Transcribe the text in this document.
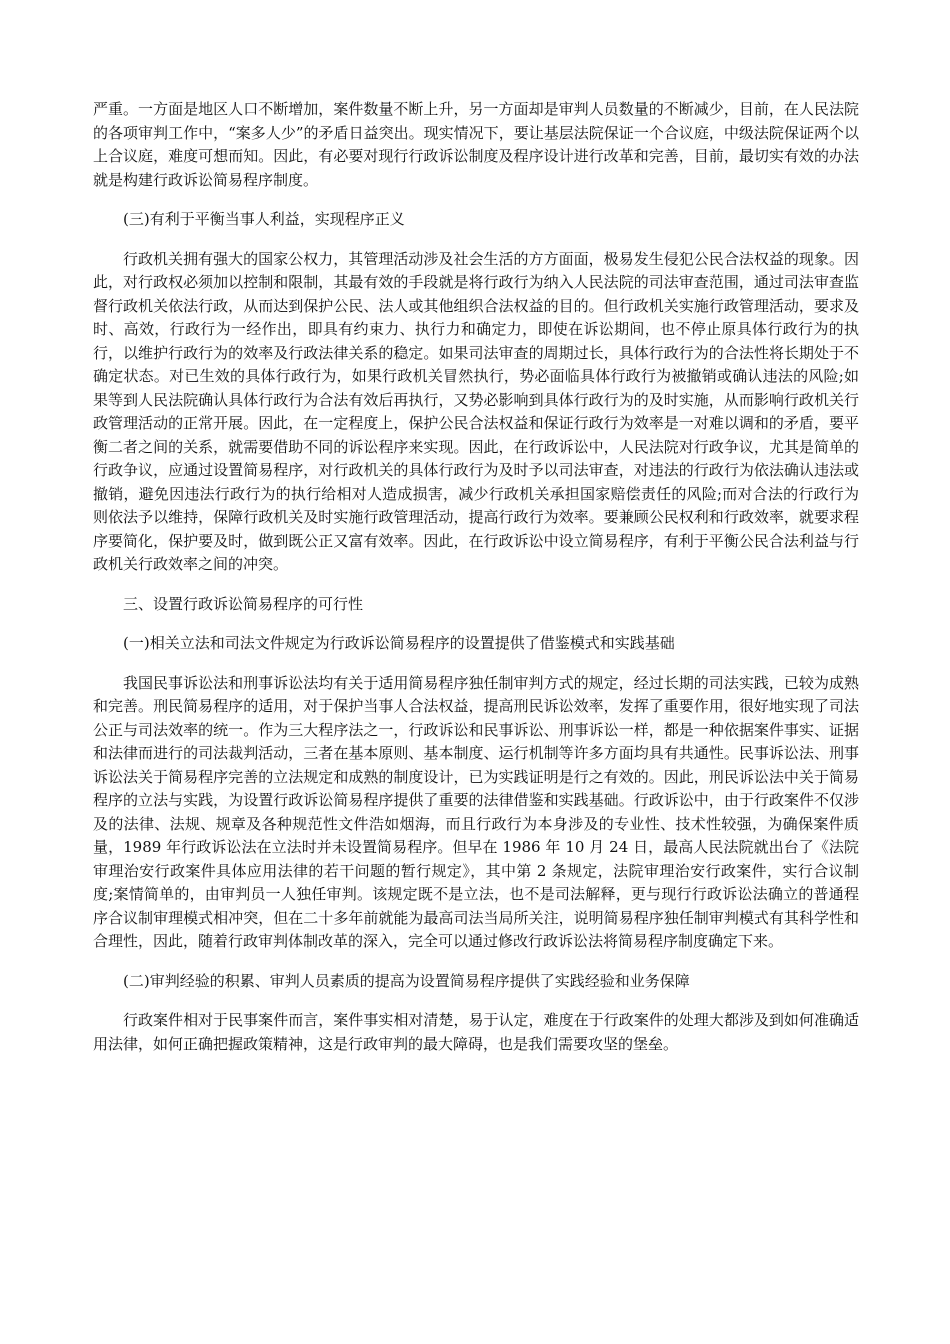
严重。一方面是地区人口不断增加，案件数量不断上升，另一方面却是审判人员数量的不断减少，目前，在人民法院的各项审判工作中，“案多人少”的矛盾日益突出。现实情况下，要让基层法院保证一个合议庭，中级法院保证两个以上合议庭，难度可想而知。因此，有必要对现行行政诉讼制度及程序设计进行改革和完善，目前，最切实有效的办法就是构建行政诉讼简易程序制度。

(三)有利于平衡当事人利益，实现程序正义

行政机关拥有强大的国家公权力，其管理活动涉及社会生活的方方面面，极易发生侵犯公民合法权益的现象。因此，对行政权必须加以控制和限制，其最有效的手段就是将行政行为纳入人民法院的司法审查范围，通过司法审查监督行政机关依法行政，从而达到保护公民、法人或其他组织合法权益的目的。但行政机关实施行政管理活动，要求及时、高效，行政行为一经作出，即具有约束力、执行力和确定力，即使在诉讼期间，也不停止原具体行政行为的执行，以维护行政行为的效率及行政法律关系的稳定。如果司法审查的周期过长，具体行政行为的合法性将长期处于不确定状态。对已生效的具体行政行为，如果行政机关冒然执行，势必面临具体行政行为被撤销或确认违法的风险;如果等到人民法院确认具体行政行为合法有效后再执行，又势必影响到具体行政行为的及时实施，从而影响行政机关行政管理活动的正常开展。因此，在一定程度上，保护公民合法权益和保证行政行为效率是一对难以调和的矛盾，要平衡二者之间的关系，就需要借助不同的诉讼程序来实现。因此，在行政诉讼中，人民法院对行政争议，尤其是简单的行政争议，应通过设置简易程序，对行政机关的具体行政行为及时予以司法审查，对违法的行政行为依法确认违法或撤销，避免因违法行政行为的执行给相对人造成损害，减少行政机关承担国家赔偿责任的风险;而对合法的行政行为则依法予以维持，保障行政机关及时实施行政管理活动，提高行政行为效率。要兼顾公民权利和行政效率，就要求程序要简化，保护要及时，做到既公正又富有效率。因此，在行政诉讼中设立简易程序，有利于平衡公民合法利益与行政机关行政效率之间的冲突。

三、设置行政诉讼简易程序的可行性

(一)相关立法和司法文件规定为行政诉讼简易程序的设置提供了借鉴模式和实践基础

我国民事诉讼法和刑事诉讼法均有关于适用简易程序独任制审判方式的规定，经过长期的司法实践，已较为成熟和完善。刑民简易程序的适用，对于保护当事人合法权益，提高刑民诉讼效率，发挥了重要作用，很好地实现了司法公正与司法效率的统一。作为三大程序法之一，行政诉讼和民事诉讼、刑事诉讼一样，都是一种依据案件事实、证据和法律而进行的司法裁判活动，三者在基本原则、基本制度、运行机制等许多方面均具有共通性。民事诉讼法、刑事诉讼法关于简易程序完善的立法规定和成熟的制度设计，已为实践证明是行之有效的。因此，刑民诉讼法中关于简易程序的立法与实践，为设置行政诉讼简易程序提供了重要的法律借鉴和实践基础。行政诉讼中，由于行政案件不仅涉及的法律、法规、规章及各种规范性文件浩如烟海，而且行政行为本身涉及的专业性、技术性较强，为确保案件质量，1989 年行政诉讼法在立法时并未设置简易程序。但早在 1986 年 10 月 24 日，最高人民法院就出台了《法院审理治安行政案件具体应用法律的若干问题的暂行规定》，其中第 2 条规定，法院审理治安行政案件，实行合议制度;案情简单的，由审判员一人独任审判。该规定既不是立法，也不是司法解释，更与现行行政诉讼法确立的普通程序合议制审理模式相冲突，但在二十多年前就能为最高司法当局所关注，说明简易程序独任制审判模式有其科学性和合理性，因此，随着行政审判体制改革的深入，完全可以通过修改行政诉讼法将简易程序制度确定下来。

(二)审判经验的积累、审判人员素质的提高为设置简易程序提供了实践经验和业务保障

行政案件相对于民事案件而言，案件事实相对清楚，易于认定，难度在于行政案件的处理大都涉及到如何准确适用法律，如何正确把握政策精神，这是行政审判的最大障碍，也是我们需要攻坚的堡垒。
